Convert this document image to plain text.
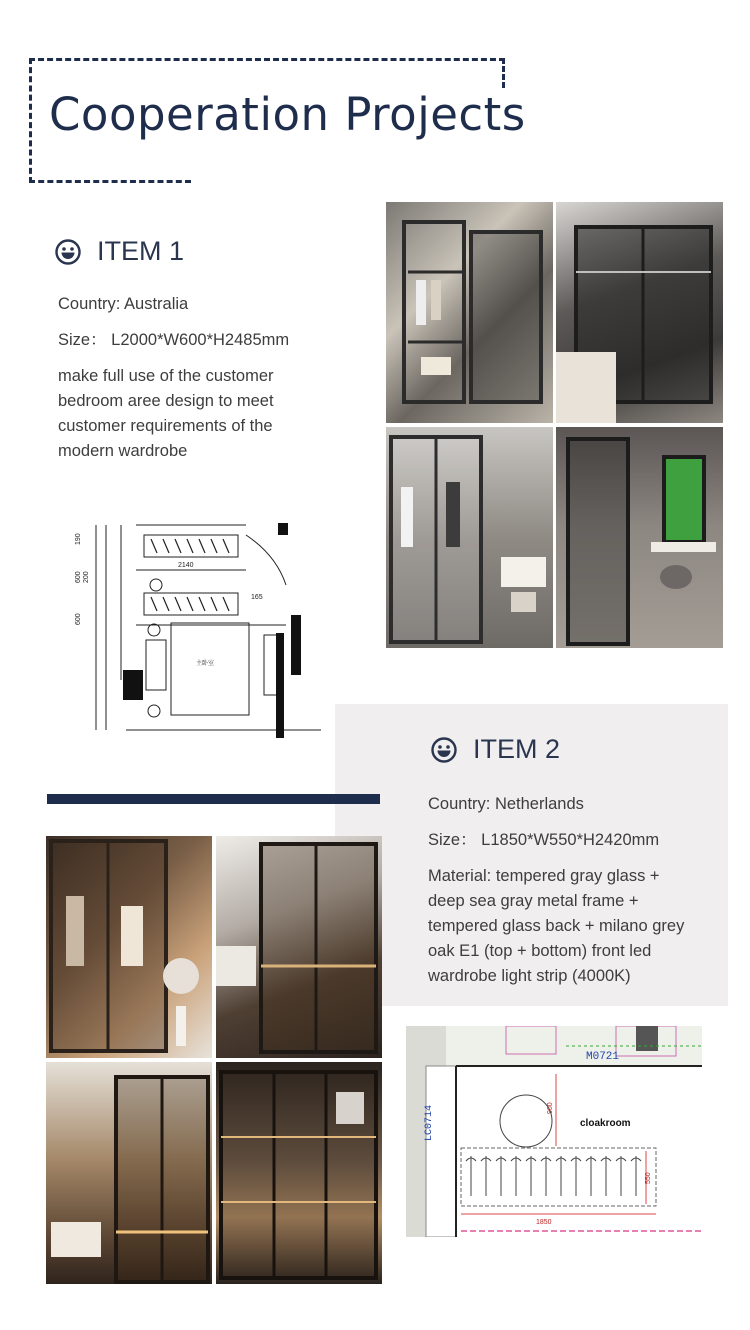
Cooperation Projects
ITEM 1
Country: Australia
Size： L2000*W600*H2485mm
make full use of the customer
bedroom aree design to meet
customer requirements of the
modern wardrobe
190
600 200
600
2140
165
主卧室
ITEM 2
Country: Netherlands
Size： L1850*W550*H2420mm
Material: tempered gray glass +
deep sea gray metal frame +
tempered glass back + milano grey
oak E1 (top + bottom) front led
wardrobe light strip (4000K)
M0721
LC0714	cloakroom
900
550
1850
